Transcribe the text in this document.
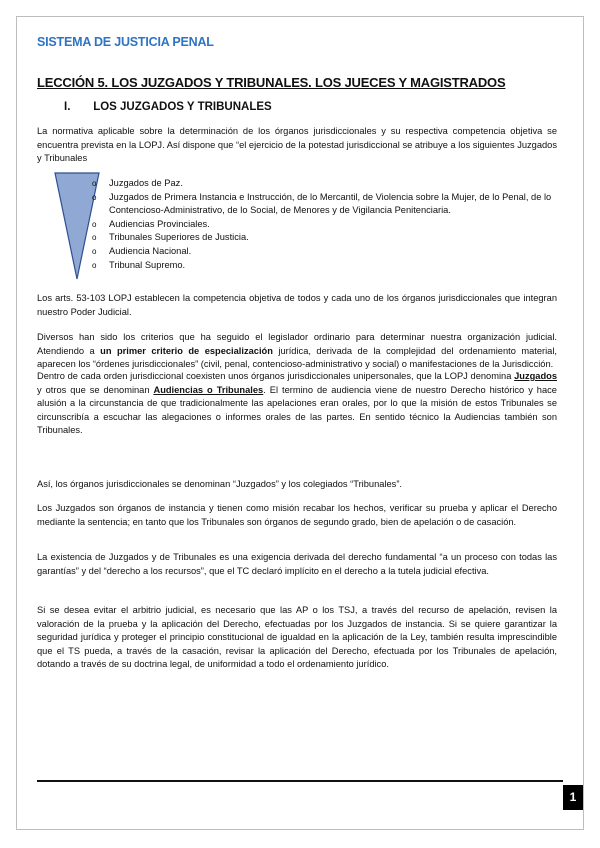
SISTEMA DE JUSTICIA PENAL
LECCIÓN 5. LOS JUZGADOS Y TRIBUNALES. LOS JUECES Y MAGISTRADOS
I. LOS JUZGADOS Y TRIBUNALES

La normativa aplicable sobre la determinación de los órganos jurisdiccionales y su respectiva competencia objetiva se encuentra prevista en la LOPJ. Así dispone que “el ejercicio de la potestad jurisdiccional se atribuye a los siguientes Juzgados y Tribunales

o Juzgados de Paz.
o Juzgados de Primera Instancia e Instrucción, de lo Mercantil, de Violencia sobre la Mujer, de lo Penal, de lo Contencioso-Administrativo, de lo Social, de Menores y de Vigilancia Penitenciaria.
o Audiencias Provinciales.
o Tribunales Superiores de Justicia.
o Audiencia Nacional.
o Tribunal Supremo.

Los arts. 53-103 LOPJ establecen la competencia objetiva de todos y cada uno de los órganos jurisdiccionales que integran nuestro Poder Judicial.

Diversos han sido los criterios que ha seguido el legislador ordinario para determinar nuestra organización judicial. Atendiendo a un primer criterio de especialización jurídica, derivada de la complejidad del ordenamiento material, aparecen los “órdenes jurisdiccionales” (civil, penal, contencioso-administrativo y social) o manifestaciones de la Jurisdicción.

Dentro de cada orden jurisdiccional coexisten unos órganos jurisdiccionales unipersonales, que la LOPJ denomina Juzgados y otros que se denominan Audiencias o Tribunales. El termino de audiencia viene de nuestro Derecho histórico y hace alusión a la circunstancia de que tradicionalmente las apelaciones eran orales, por lo que la misión de estos Tribunales se circunscribía a escuchar las alegaciones o informes orales de las partes. En sentido técnico la Audiencias también son Tribunales.

Así, los órganos jurisdiccionales se denominan “Juzgados” y los colegiados “Tribunales”.

Los Juzgados son órganos de instancia y tienen como misión recabar los hechos, verificar su prueba y aplicar el Derecho mediante la sentencia; en tanto que los Tribunales son órganos de segundo grado, bien de apelación o de casación.

La existencia de Juzgados y de Tribunales es una exigencia derivada del derecho fundamental “a un proceso con todas las garantías” y del “derecho a los recursos”, que el TC declaró implícito en el derecho a la tutela judicial efectiva.

Si se desea evitar el arbitrio judicial, es necesario que las AP o los TSJ, a través del recurso de apelación, revisen la valoración de la prueba y la aplicación del Derecho, efectuadas por los Juzgados de instancia. Si se quiere garantizar la seguridad jurídica y proteger el principio constitucional de igualdad en la aplicación de la Ley, también resulta imprescindible que el TS pueda, a través de la casación, revisar la aplicación del Derecho, efectuada por los Tribunales de apelación, dotando a través de su doctrina legal, de uniformidad a todo el ordenamiento jurídico.

1
